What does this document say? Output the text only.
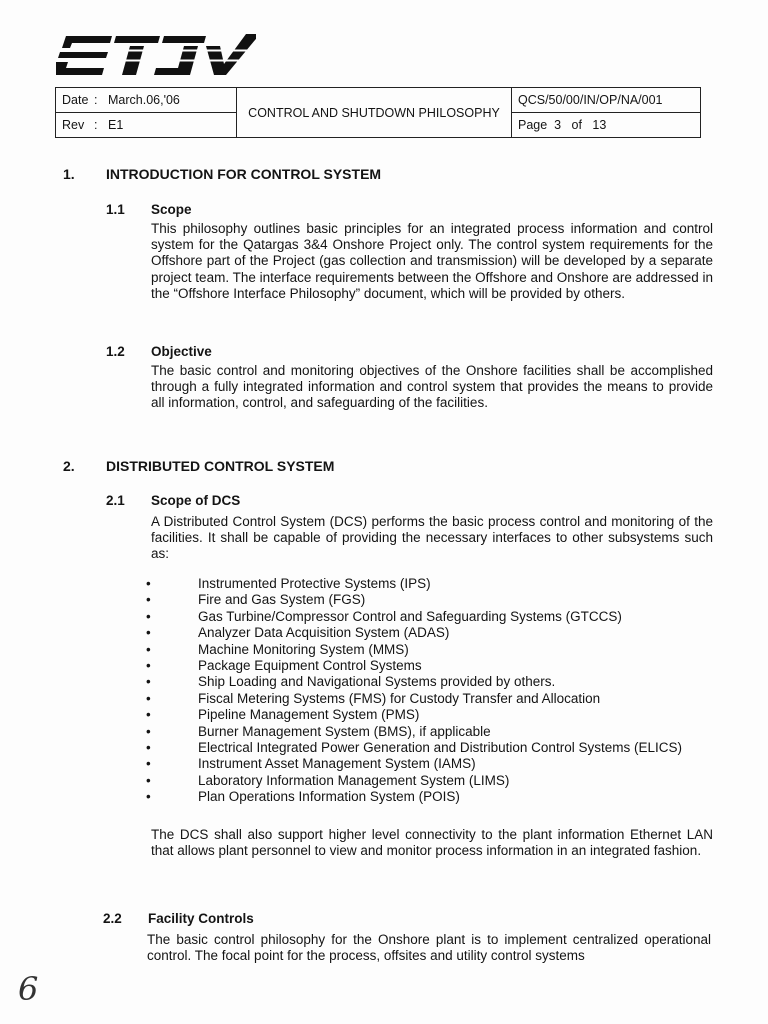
Date : March.06,'06	CONTROL AND SHUTDOWN PHILOSOPHY	QCS/50/00/IN/OP/NA/001
Rev : E1		Page 3 of 13
1. INTRODUCTION FOR CONTROL SYSTEM
1.1 Scope
This philosophy outlines basic principles for an integrated process information and control system for the Qatargas 3&4 Onshore Project only. The control system requirements for the Offshore part of the Project (gas collection and transmission) will be developed by a separate project team. The interface requirements between the Offshore and Onshore are addressed in the “Offshore Interface Philosophy” document, which will be provided by others.
1.2 Objective
The basic control and monitoring objectives of the Onshore facilities shall be accomplished through a fully integrated information and control system that provides the means to provide all information, control, and safeguarding of the facilities.
2. DISTRIBUTED CONTROL SYSTEM
2.1 Scope of DCS
A Distributed Control System (DCS) performs the basic process control and monitoring of the facilities. It shall be capable of providing the necessary interfaces to other subsystems such as:
•	Instrumented Protective Systems (IPS)
•	Fire and Gas System (FGS)
•	Gas Turbine/Compressor Control and Safeguarding Systems (GTCCS)
•	Analyzer Data Acquisition System (ADAS)
•	Machine Monitoring System (MMS)
•	Package Equipment Control Systems
•	Ship Loading and Navigational Systems provided by others.
•	Fiscal Metering Systems (FMS) for Custody Transfer and Allocation
•	Pipeline Management System (PMS)
•	Burner Management System (BMS), if applicable
•	Electrical Integrated Power Generation and Distribution Control Systems (ELICS)
•	Instrument Asset Management System (IAMS)
•	Laboratory Information Management System (LIMS)
•	Plan Operations Information System (POIS)
The DCS shall also support higher level connectivity to the plant information Ethernet LAN that allows plant personnel to view and monitor process information in an integrated fashion.
2.2 Facility Controls
The basic control philosophy for the Onshore plant is to implement centralized operational control. The focal point for the process, offsites and utility control systems
6
